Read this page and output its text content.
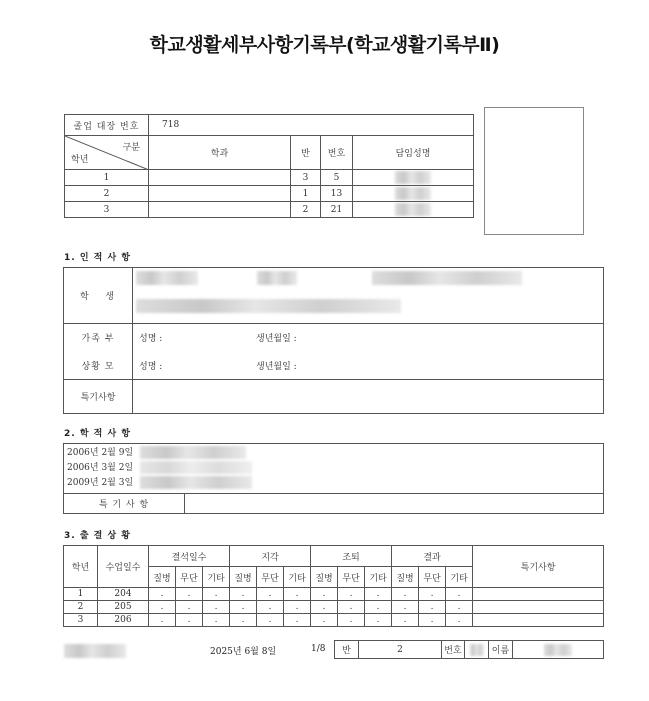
학교생활세부사항기록부(학교생활기록부Ⅱ)
졸업 대장 번호	718			

구분
학년	학과	반	번호	담임성명
1		3	5	
2		1	13	
3		2	21	
1. 인 적 사 항
학   생	

가족 부	성명 : 생년월일 :
상황 모	성명 : 생년월일 :
특기사항	
2. 학 적 사 항
2006년 2월 9일
2006년 3월 2일
2009년 2월 3일

특 기 사 항	
3. 출 결 상 황
학년	수업일수	결석일수			지각			조퇴			결과			특기사항
		질병	무단	기타	질병	무단	기타	질병	무단	기타	질병	무단	기타	
1	204	.	.	.	.	.	.	.	.	.	.	.	.	
2	205	.	.	.	.	.	.	.	.	.	.	.	.	
3	206	.	.	.	.	.	.	.	.	.	.	.	.	
2025년 6월 8일	1/8 반	2	번호		이름	
